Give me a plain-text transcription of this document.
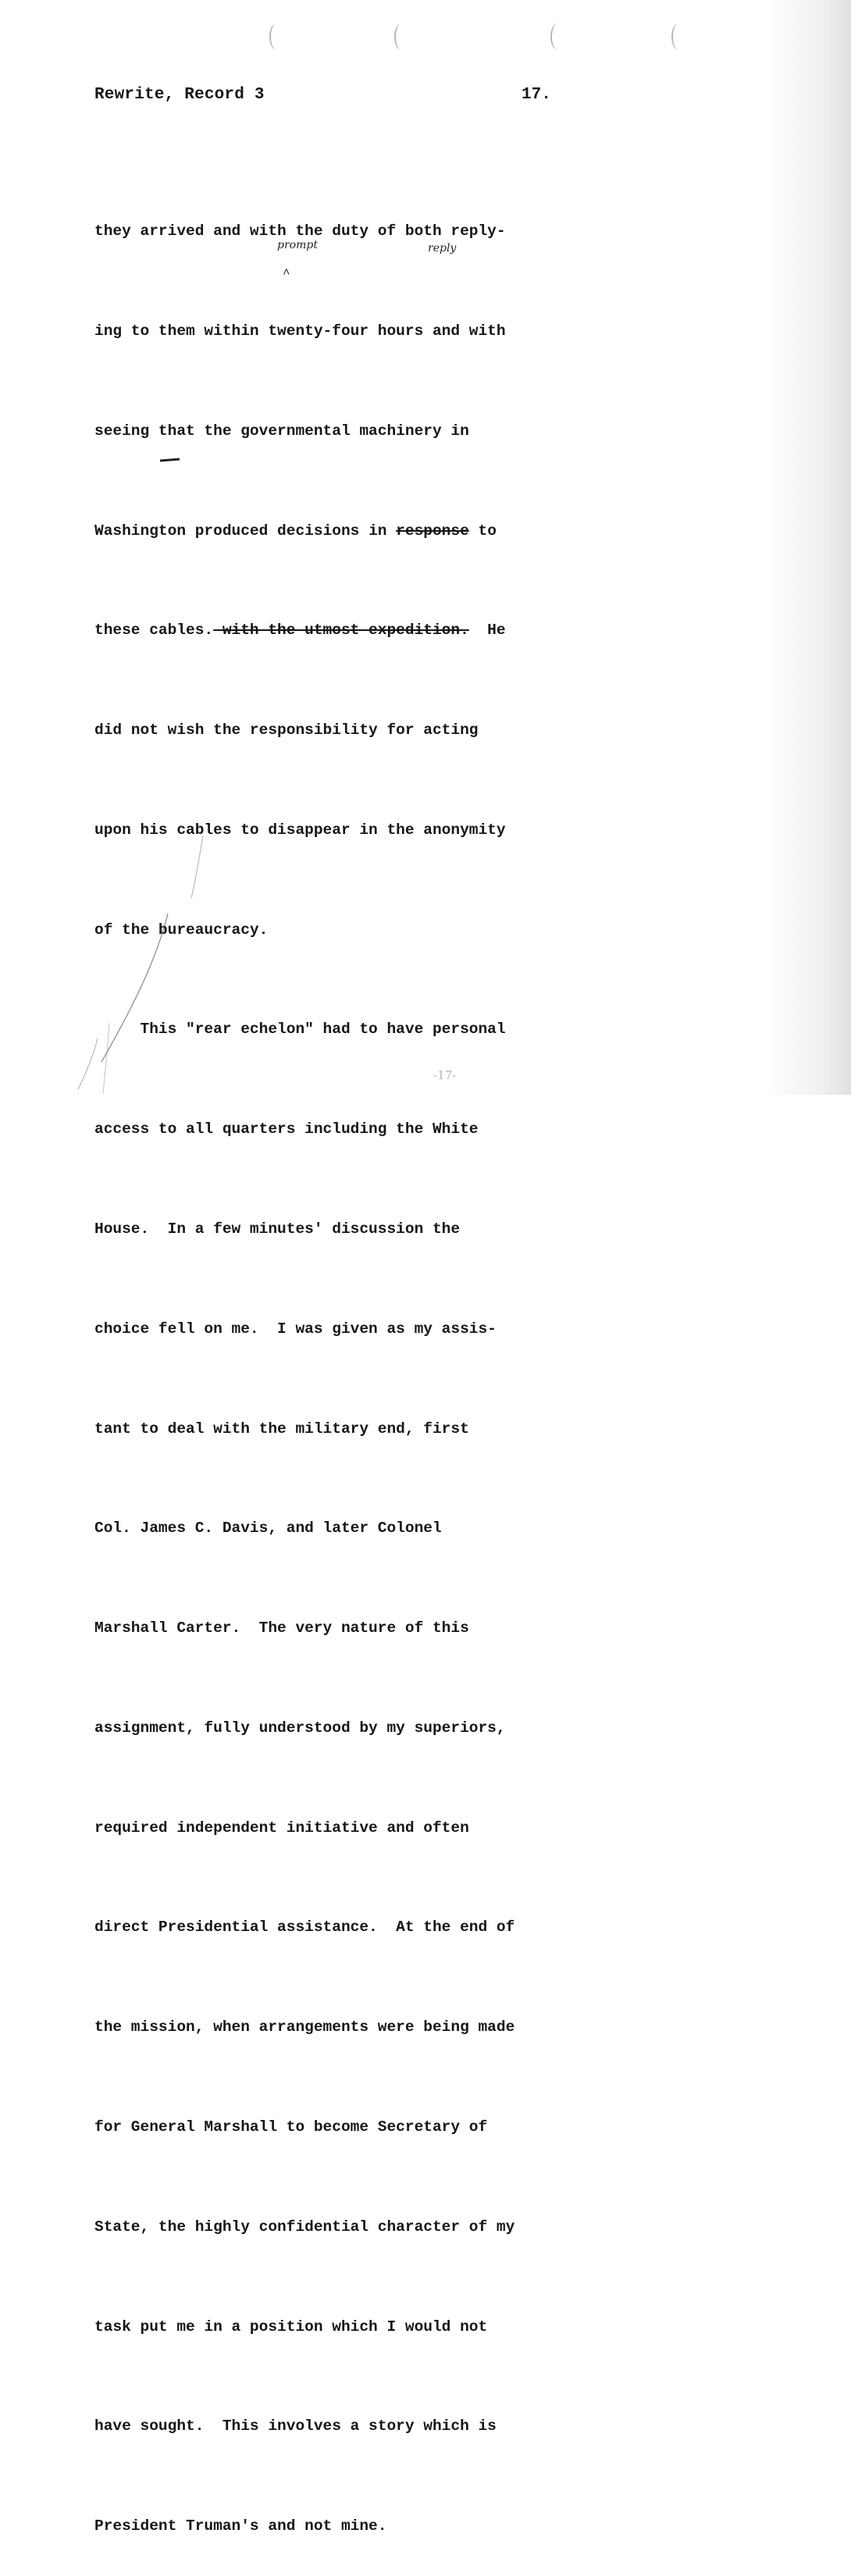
Rewrite, Record 3	17.

they arrived and with the duty of both reply-

ing to them within twenty-four hours and with

seeing that the governmental machinery in

Washington produced decisions in response to

these cables. with the utmost expedition.  He

did not wish the responsibility for acting

upon his cables to disappear in the anonymity

of the bureaucracy.

This "rear echelon" had to have personal

access to all quarters including the White

House.  In a few minutes' discussion the

choice fell on me.  I was given as my assis-

tant to deal with the military end, first

Col. James C. Davis, and later Colonel

Marshall Carter.  The very nature of this

assignment, fully understood by my superiors,

required independent initiative and often

direct Presidential assistance.  At the end of

the mission, when arrangements were being made

for General Marshall to become Secretary of

State, the highly confidential character of my

task put me in a position which I would not

have sought.  This involves a story which is

President Truman's and not mine.

prompt
^
reply
-17-
